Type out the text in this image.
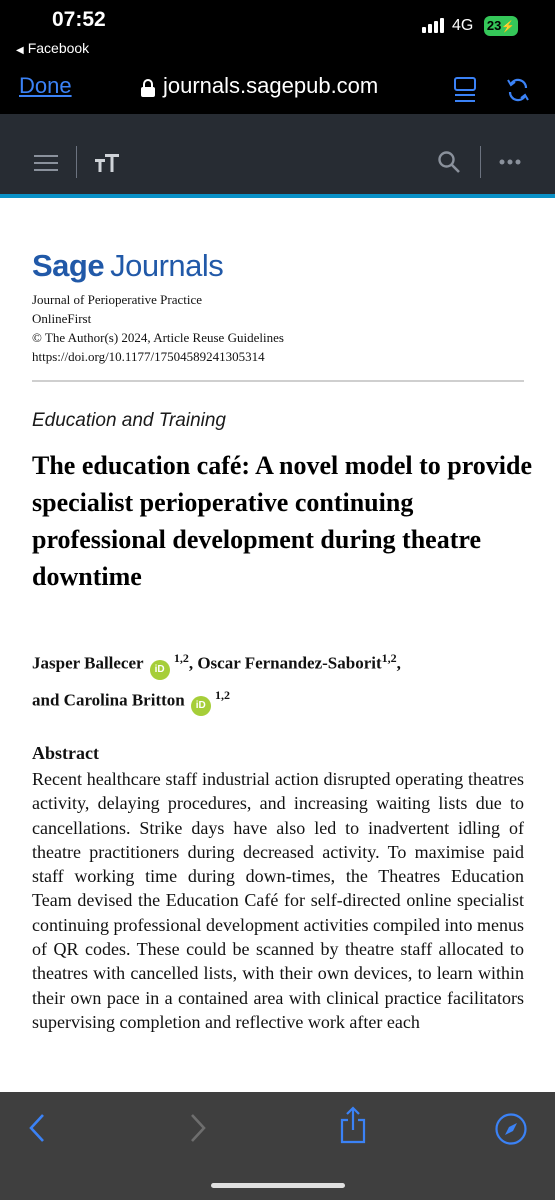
07:52
◀ Facebook
4G 23⚡
Done	journals.sagepub.com
Sage Journals
Journal of Perioperative Practice
OnlineFirst
© The Author(s) 2024, Article Reuse Guidelines
https://doi.org/10.1177/17504589241305314
Education and Training
The education café: A novel model to provide specialist perioperative continuing professional development during theatre downtime
Jasper Ballecer iD $^{1,2}$, Oscar Fernandez-Saborit$^{1,2}$,
and Carolina Britton iD $^{1,2}$
Abstract
Recent healthcare staff industrial action disrupted operating theatres activity, delaying procedures, and increasing waiting lists due to cancellations. Strike days have also led to inadvertent idling of theatre practitioners during decreased activity. To maximise paid staff working time during down-times, the Theatres Education Team devised the Education Café for self-directed online specialist continuing professional development activities compiled into menus of QR codes. These could be scanned by theatre staff allocated to theatres with cancelled lists, with their own devices, to learn within their own pace in a contained area with clinical practice facilitators supervising completion and reflective work after each
